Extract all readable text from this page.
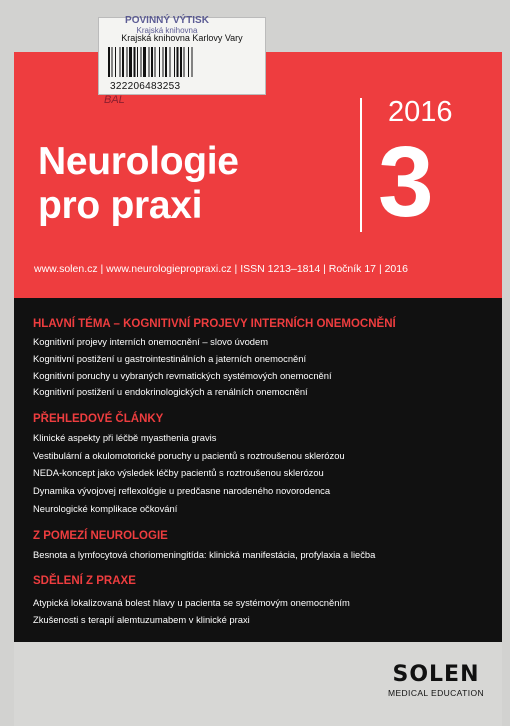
POVINNÝ VÝTISK
Krajská knihovna
Krajská knihovna Karlovy Vary
322206483253
BAL
Neurologie
pro praxi
2016
3
www.solen.cz | www.neurologiepropraxi.cz | ISSN 1213–1814 | Ročník 17 | 2016
HLAVNÍ TÉMA – KOGNITIVNÍ PROJEVY INTERNÍCH ONEMOCNĚNÍ
Kognitivní projevy interních onemocnění – slovo úvodem
Kognitivní postižení u gastrointestinálních a jaterních onemocnění
Kognitivní poruchy u vybraných revmatických systémových onemocnění
Kognitivní postižení u endokrinologických a renálních onemocnění
PŘEHLEDOVÉ ČLÁNKY
Klinické aspekty při léčbě myasthenia gravis
Vestibulární a okulomotorické poruchy u pacientů s roztroušenou sklerózou
NEDA-koncept jako výsledek léčby pacientů s roztroušenou sklerózou
Dynamika vývojovej reflexológie u predčasne narodeného novorodenca
Neurologické komplikace očkování
Z POMEZÍ NEUROLOGIE
Besnota a lymfocytová choriomeningitída: klinická manifestácia, profylaxia a liečba
SDĚLENÍ Z PRAXE
Atypická lokalizovaná bolest hlavy u pacienta se systémovým onemocněním
Zkušenosti s terapií alemtuzumabem v klinické praxi
SOLEN
MEDICAL EDUCATION
